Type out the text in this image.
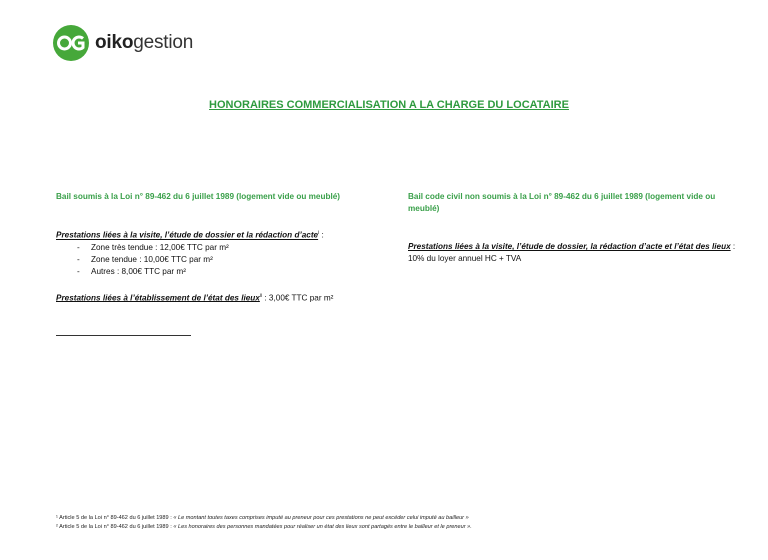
oikogestion
HONORAIRES COMMERCIALISATION A LA CHARGE DU LOCATAIRE
Bail soumis à la Loi n° 89-462 du 6 juillet 1989 (logement vide ou meublé)
Prestations liées à la visite, l’étude de dossier et la rédaction d’acte$^i$ :
- Zone très tendue : 12,00€ TTC par m²
- Zone tendue : 10,00€ TTC par m²
- Autres : 8,00€ TTC par m²
Prestations liées à l’établissement de l’état des lieux$^{ii}$ : 3,00€ TTC par m²
Bail code civil non soumis à la Loi n° 89-462 du 6 juillet 1989 (logement vide ou meublé)
Prestations liées à la visite, l’étude de dossier, la rédaction d’acte et l’état des lieux :
10% du loyer annuel HC + TVA
¹ Article 5 de la Loi n° 89-462 du 6 juillet 1989 : « Le montant toutes taxes comprises imputé au preneur pour ces prestations ne peut excéder celui imputé au bailleur »
² Article 5 de la Loi n° 89-462 du 6 juillet 1989 : « Les honoraires des personnes mandatées pour réaliser un état des lieux sont partagés entre le bailleur et le preneur ».
